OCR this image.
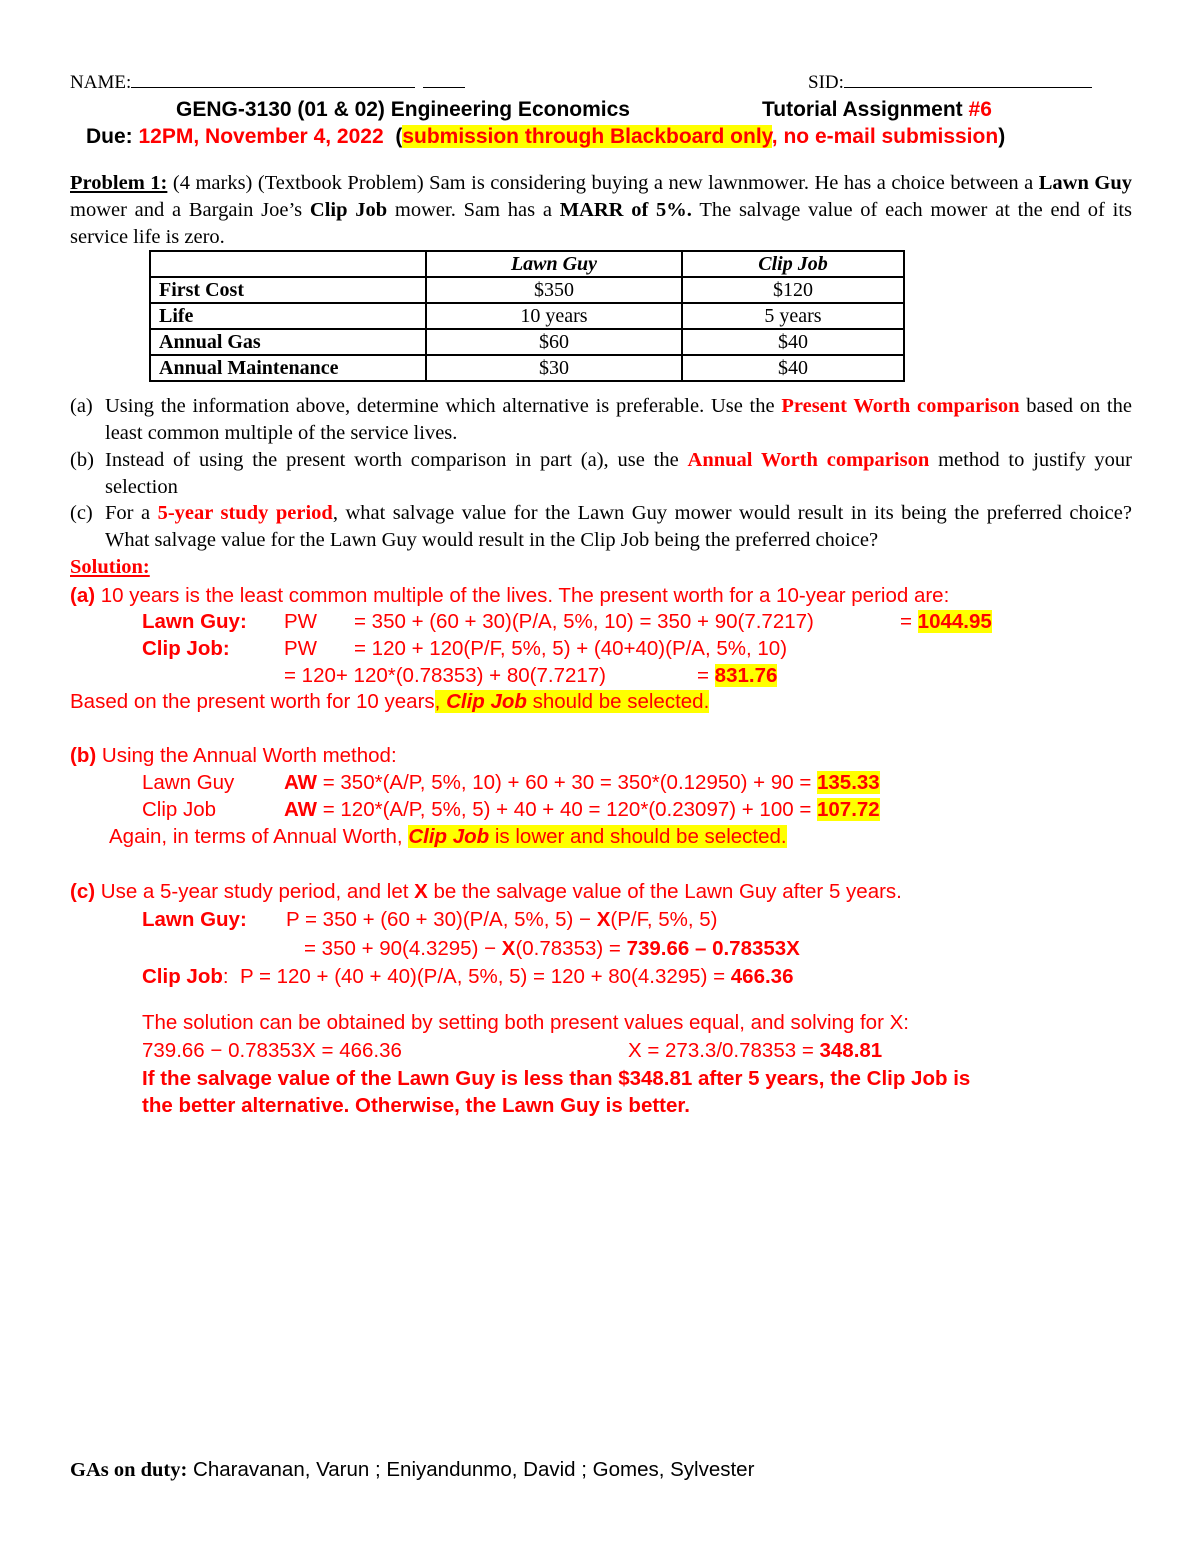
NAME:	SID:
GENG-3130 (01 & 02) Engineering Economics	Tutorial Assignment #6
Due: 12PM, November 4, 2022 (submission through Blackboard only, no e-mail submission)
Problem 1: (4 marks) (Textbook Problem) Sam is considering buying a new lawnmower. He has a choice between a Lawn Guy mower and a Bargain Joe’s Clip Job mower. Sam has a MARR of 5%. The salvage value of each mower at the end of its service life is zero.
	Lawn Guy	Clip Job
First Cost	$350	$120
Life	10 years	5 years
Annual Gas	$60	$40
Annual Maintenance	$30	$40
(a) Using the information above, determine which alternative is preferable. Use the Present Worth comparison based on the least common multiple of the service lives.
(b) Instead of using the present worth comparison in part (a), use the Annual Worth comparison method to justify your selection
(c) For a 5-year study period, what salvage value for the Lawn Guy mower would result in its being the preferred choice? What salvage value for the Lawn Guy would result in the Clip Job being the preferred choice?
Solution:
(a) 10 years is the least common multiple of the lives. The present worth for a 10-year period are:
Lawn Guy: PW = 350 + (60 + 30)(P/A, 5%, 10) = 350 + 90(7.7217)	= 1044.95
Clip Job:	PW = 120 + 120(P/F, 5%, 5) + (40+40)(P/A, 5%, 10)
= 120+ 120*(0.78353) + 80(7.7217)	= 831.76
Based on the present worth for 10 years, Clip Job should be selected.
(b) Using the Annual Worth method:
Lawn Guy AW = 350*(A/P, 5%, 10) + 60 + 30 = 350*(0.12950) + 90 = 135.33
Clip Job	AW = 120*(A/P, 5%, 5) + 40 + 40 = 120*(0.23097) + 100 = 107.72
Again, in terms of Annual Worth, Clip Job is lower and should be selected.
(c) Use a 5-year study period, and let X be the salvage value of the Lawn Guy after 5 years.
Lawn Guy: P = 350 + (60 + 30)(P/A, 5%, 5) − X(P/F, 5%, 5)
= 350 + 90(4.3295) − X(0.78353) = 739.66 – 0.78353X
Clip Job: P = 120 + (40 + 40)(P/A, 5%, 5) = 120 + 80(4.3295) = 466.36
The solution can be obtained by setting both present values equal, and solving for X:
739.66 − 0.78353X = 466.36	X = 273.3/0.78353 = 348.81
If the salvage value of the Lawn Guy is less than $348.81 after 5 years, the Clip Job is
the better alternative. Otherwise, the Lawn Guy is better.
GAs on duty: Charavanan, Varun ; Eniyandunmo, David ; Gomes, Sylvester
